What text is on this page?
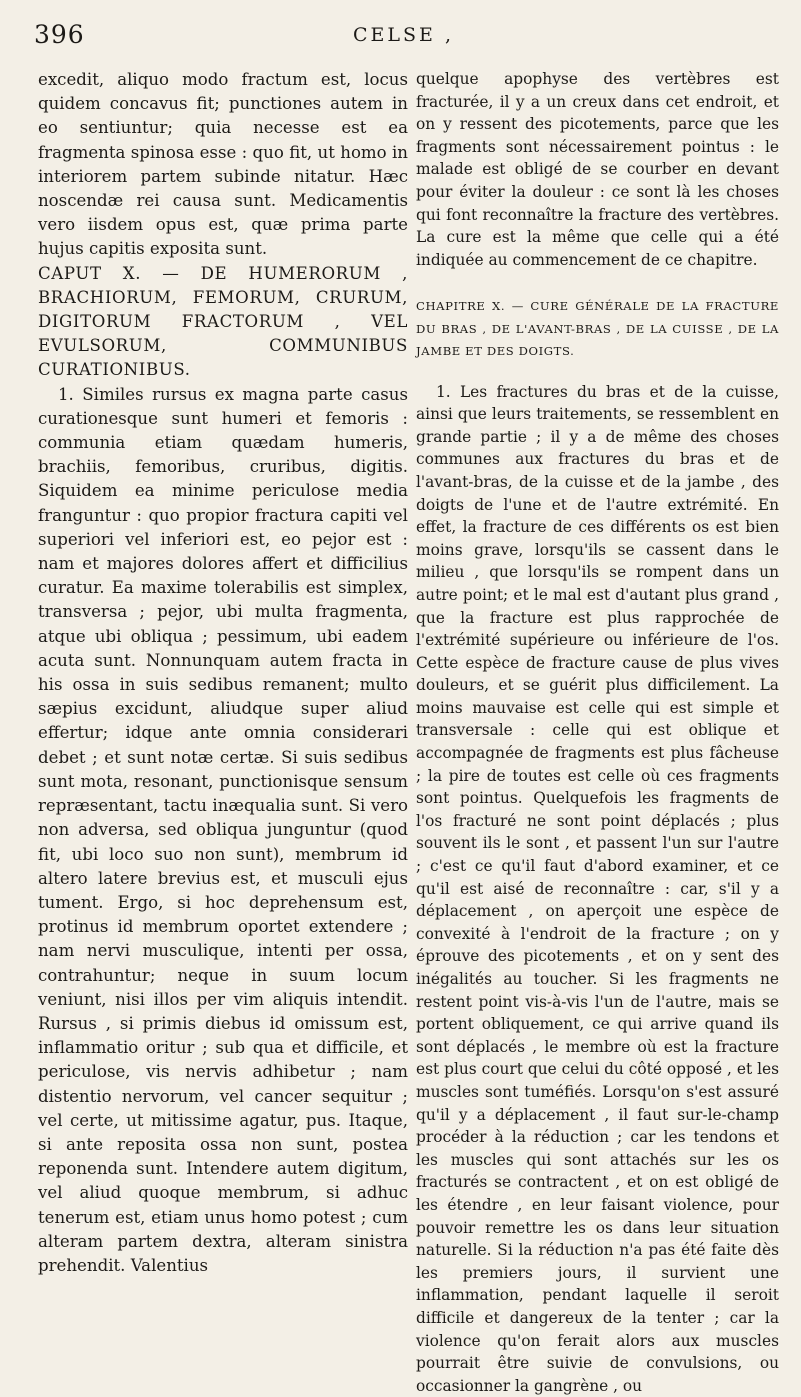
396	CELSE ,

excedit, aliquo modo fractum est, locus quidem concavus fit; punctiones autem in eo sentiuntur; quia necesse est ea fragmenta spinosa esse : quo fit, ut homo in interiorem partem subinde nitatur. Hæc noscendæ rei causa sunt. Medicamentis vero iisdem opus est, quæ prima parte hujus capitis exposita sunt.

CAPUT X. — DE HUMERORUM , BRACHIORUM, FEMORUM, CRURUM, DIGITORUM FRACTORUM , VEL EVULSORUM, COMMUNIBUS CURATIONIBUS.

1. Similes rursus ex magna parte casus curationesque sunt humeri et femoris : communia etiam quædam humeris, brachiis, femoribus, cruribus, digitis. Siquidem ea minime periculose media franguntur : quo propior fractura capiti vel superiori vel inferiori est, eo pejor est : nam et majores dolores affert et difficilius curatur. Ea maxime tolerabilis est simplex, transversa ; pejor, ubi multa fragmenta, atque ubi obliqua ; pessimum, ubi eadem acuta sunt. Nonnunquam autem fracta in his ossa in suis sedibus remanent; multo sæpius excidunt, aliudque super aliud effertur; idque ante omnia considerari debet ; et sunt notæ certæ. Si suis sedibus sunt mota, resonant, punctionisque sensum repræsentant, tactu inæqualia sunt. Si vero non adversa, sed obliqua junguntur (quod fit, ubi loco suo non sunt), membrum id altero latere brevius est, et musculi ejus tument. Ergo, si hoc deprehensum est, protinus id membrum oportet extendere ; nam nervi musculique, intenti per ossa, contrahuntur; neque in suum locum veniunt, nisi illos per vim aliquis intendit. Rursus , si primis diebus id omissum est, inflammatio oritur ; sub qua et difficile, et periculose, vis nervis adhibetur ; nam distentio nervorum, vel cancer sequitur ; vel certe, ut mitissime agatur, pus. Itaque, si ante reposita ossa non sunt, postea reponenda sunt. Intendere autem digitum, vel aliud quoque membrum, si adhuc tenerum est, etiam unus homo potest ; cum alteram partem dextra, alteram sinistra prehendit. Valentius

quelque apophyse des vertèbres est fracturée, il y a un creux dans cet endroit, et on y ressent des picotements, parce que les fragments sont nécessairement pointus : le malade est obligé de se courber en devant pour éviter la douleur : ce sont là les choses qui font reconnaître la fracture des vertèbres. La cure est la même que celle qui a été indiquée au commencement de ce chapitre.

CHAPITRE X. — CURE GÉNÉRALE DE LA FRACTURE DU BRAS , DE L'AVANT-BRAS , DE LA CUISSE , DE LA JAMBE ET DES DOIGTS.

1. Les fractures du bras et de la cuisse, ainsi que leurs traitements, se ressemblent en grande partie ; il y a de même des choses communes aux fractures du bras et de l'avant-bras, de la cuisse et de la jambe , des doigts de l'une et de l'autre extrémité. En effet, la fracture de ces différents os est bien moins grave, lorsqu'ils se cassent dans le milieu , que lorsqu'ils se rompent dans un autre point; et le mal est d'autant plus grand , que la fracture est plus rapprochée de l'extrémité supérieure ou inférieure de l'os. Cette espèce de fracture cause de plus vives douleurs, et se guérit plus difficilement. La moins mauvaise est celle qui est simple et transversale : celle qui est oblique et accompagnée de fragments est plus fâcheuse ; la pire de toutes est celle où ces fragments sont pointus. Quelquefois les fragments de l'os fracturé ne sont point déplacés ; plus souvent ils le sont , et passent l'un sur l'autre ; c'est ce qu'il faut d'abord examiner, et ce qu'il est aisé de reconnaître : car, s'il y a déplacement , on aperçoit une espèce de convexité à l'endroit de la fracture ; on y éprouve des picotements , et on y sent des inégalités au toucher. Si les fragments ne restent point vis-à-vis l'un de l'autre, mais se portent obliquement, ce qui arrive quand ils sont déplacés , le membre où est la fracture est plus court que celui du côté opposé , et les muscles sont tuméfiés. Lorsqu'on s'est assuré qu'il y a déplacement , il faut sur-le-champ procéder à la réduction ; car les tendons et les muscles qui sont attachés sur les os fracturés se contractent , et on est obligé de les étendre , en leur faisant violence, pour pouvoir remettre les os dans leur situation naturelle. Si la réduction n'a pas été faite dès les premiers jours, il survient une inflammation, pendant laquelle il seroit difficile et dangereux de la tenter ; car la violence qu'on ferait alors aux muscles pourrait être suivie de convulsions, ou occasionner la gangrène , ou
